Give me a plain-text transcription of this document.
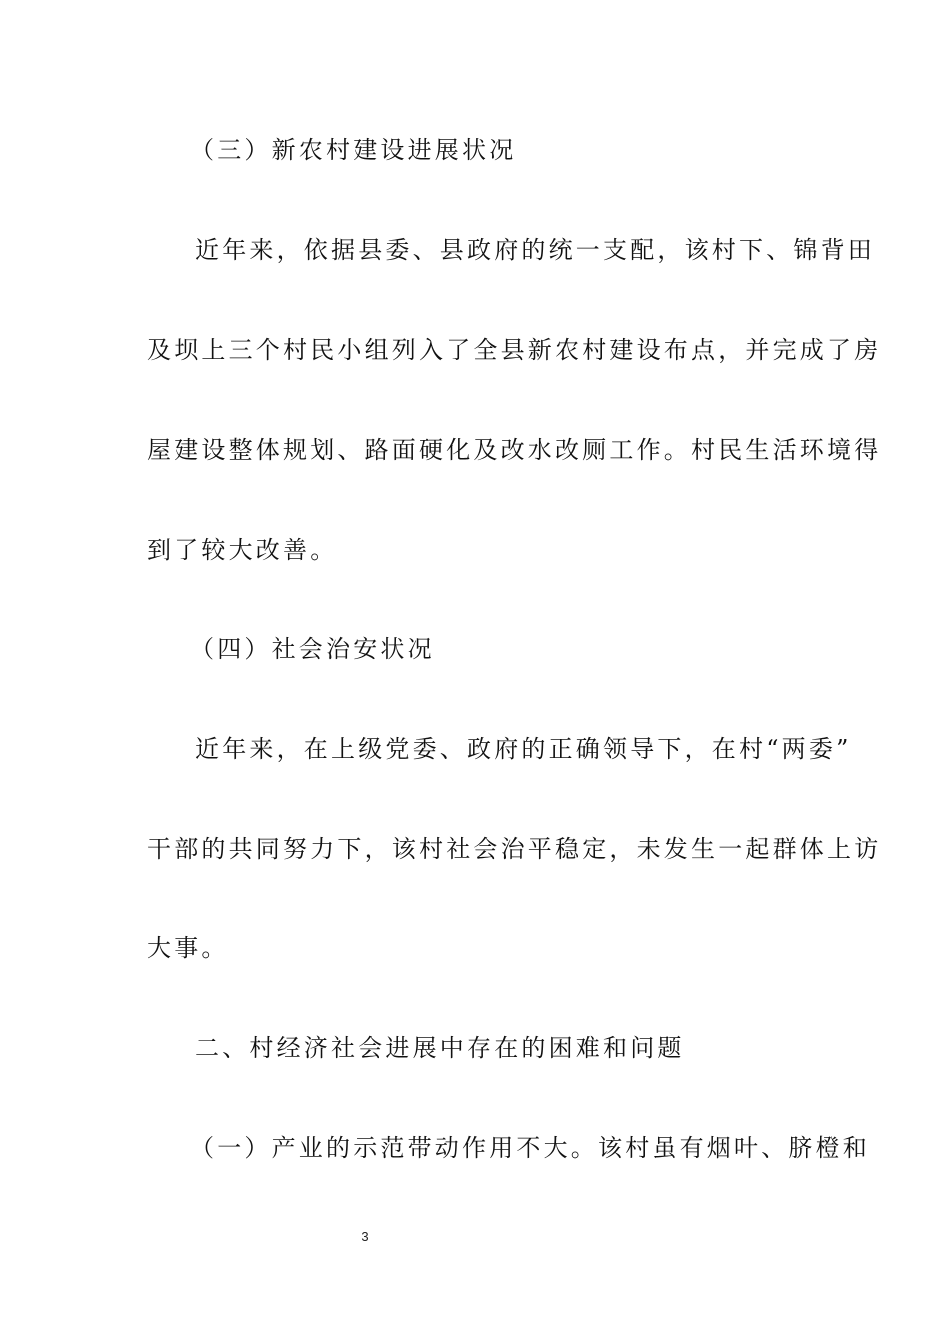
（三）新农村建设进展状况
近年来，依据县委、县政府的统一支配，该村下、锦背田
及坝上三个村民小组列入了全县新农村建设布点，并完成了房
屋建设整体规划、路面硬化及改水改厕工作。村民生活环境得
到了较大改善。
（四）社会治安状况
近年来，在上级党委、政府的正确领导下，在村“两委”
干部的共同努力下，该村社会治平稳定，未发生一起群体上访
大事。
二、村经济社会进展中存在的困难和问题
（一）产业的示范带动作用不大。该村虽有烟叶、脐橙和
3
